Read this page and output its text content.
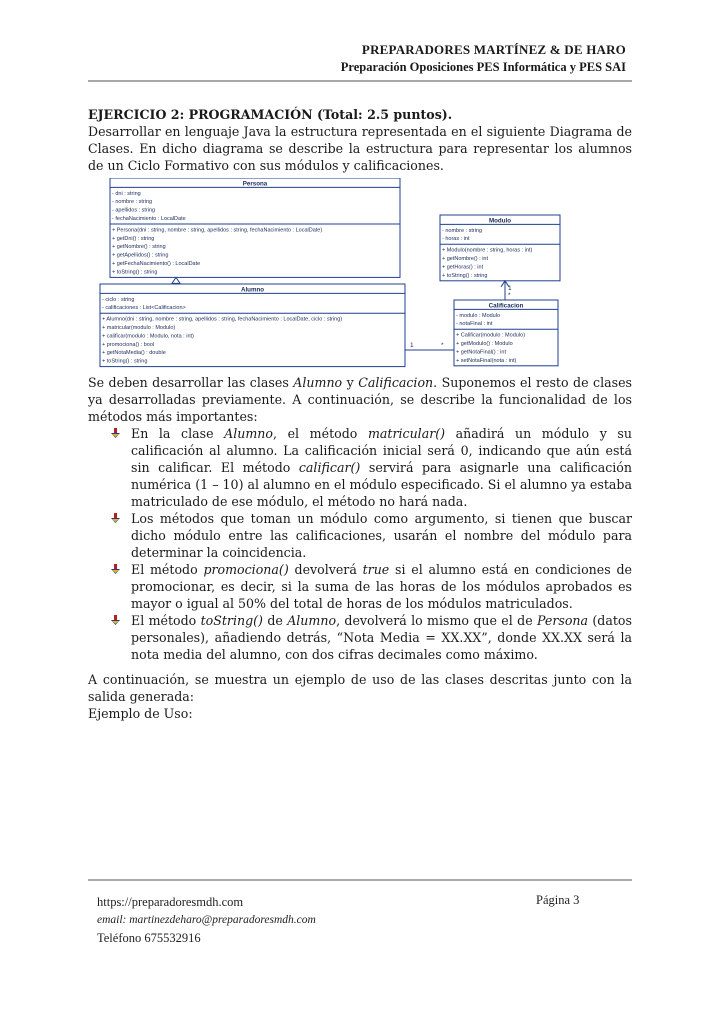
PREPARADORES MARTÍNEZ & DE HARO
Preparación Oposiciones PES Informática y PES SAI
EJERCICIO 2: PROGRAMACIÓN (Total: 2.5 puntos).

Desarrollar en lenguaje Java la estructura representada en el siguiente Diagrama de Clases. En dicho diagrama se describe la estructura para representar los alumnos de un Ciclo Formativo con sus módulos y calificaciones.

Persona
- dni : string
- nombre : string
- apellidos : string
- fechaNacimiento : LocalDate
+ Persona(dni : string, nombre : string, apellidos : string, fechaNacimiento : LocalDate)
+ getDni() : string
+ getNombre() : string
+ getApellidos() : string
+ getFechaNacimiento() : LocalDate
+ toString() : string
Alumno
- ciclo : string
- calificaciones : List<Calificacion>
+ Alumno(dni : string, nombre : string, apellidos : string, fechaNacimiento : LocalDate, ciclo : string)
+ matricular(modulo : Modulo)
+ calificar(modulo : Modulo, nota : int)
+ promociona() : bool
+ getNotaMedia() : double
+ toString() : string
Modulo
- nombre : string
- horas : int
+ Modulo(nombre : string, horas : int)
+ getNombre() : int
+ getHoras() : int
+ toString() : string
Calificacion
- modulo : Modulo
- notaFinal : int
+ Calificar(modulo : Modulo)
+ getModulo() : Modulo
+ getNotaFinal() : int
+ setNotaFinal(nota : int)
1	*
1
*

Se deben desarrollar las clases Alumno y Calificacion. Suponemos el resto de clases ya desarrolladas previamente. A continuación, se describe la funcionalidad de los métodos más importantes:

En la clase Alumno, el método matricular() añadirá un módulo y su calificación al alumno. La calificación inicial será 0, indicando que aún está sin calificar. El método calificar() servirá para asignarle una calificación numérica (1 – 10) al alumno en el módulo especificado. Si el alumno ya estaba matriculado de ese módulo, el método no hará nada.
Los métodos que toman un módulo como argumento, si tienen que buscar dicho módulo entre las calificaciones, usarán el nombre del módulo para determinar la coincidencia.
El método promociona() devolverá true si el alumno está en condiciones de promocionar, es decir, si la suma de las horas de los módulos aprobados es mayor o igual al 50% del total de horas de los módulos matriculados.
El método toString() de Alumno, devolverá lo mismo que el de Persona (datos personales), añadiendo detrás, “Nota Media = XX.XX”, donde XX.XX será la nota media del alumno, con dos cifras decimales como máximo.

A continuación, se muestra un ejemplo de uso de las clases descritas junto con la salida generada:

Ejemplo de Uso:

https://preparadoresmdh.com
email: martinezdeharo@preparadoresmdh.com
Teléfono 675532916
Página 3
